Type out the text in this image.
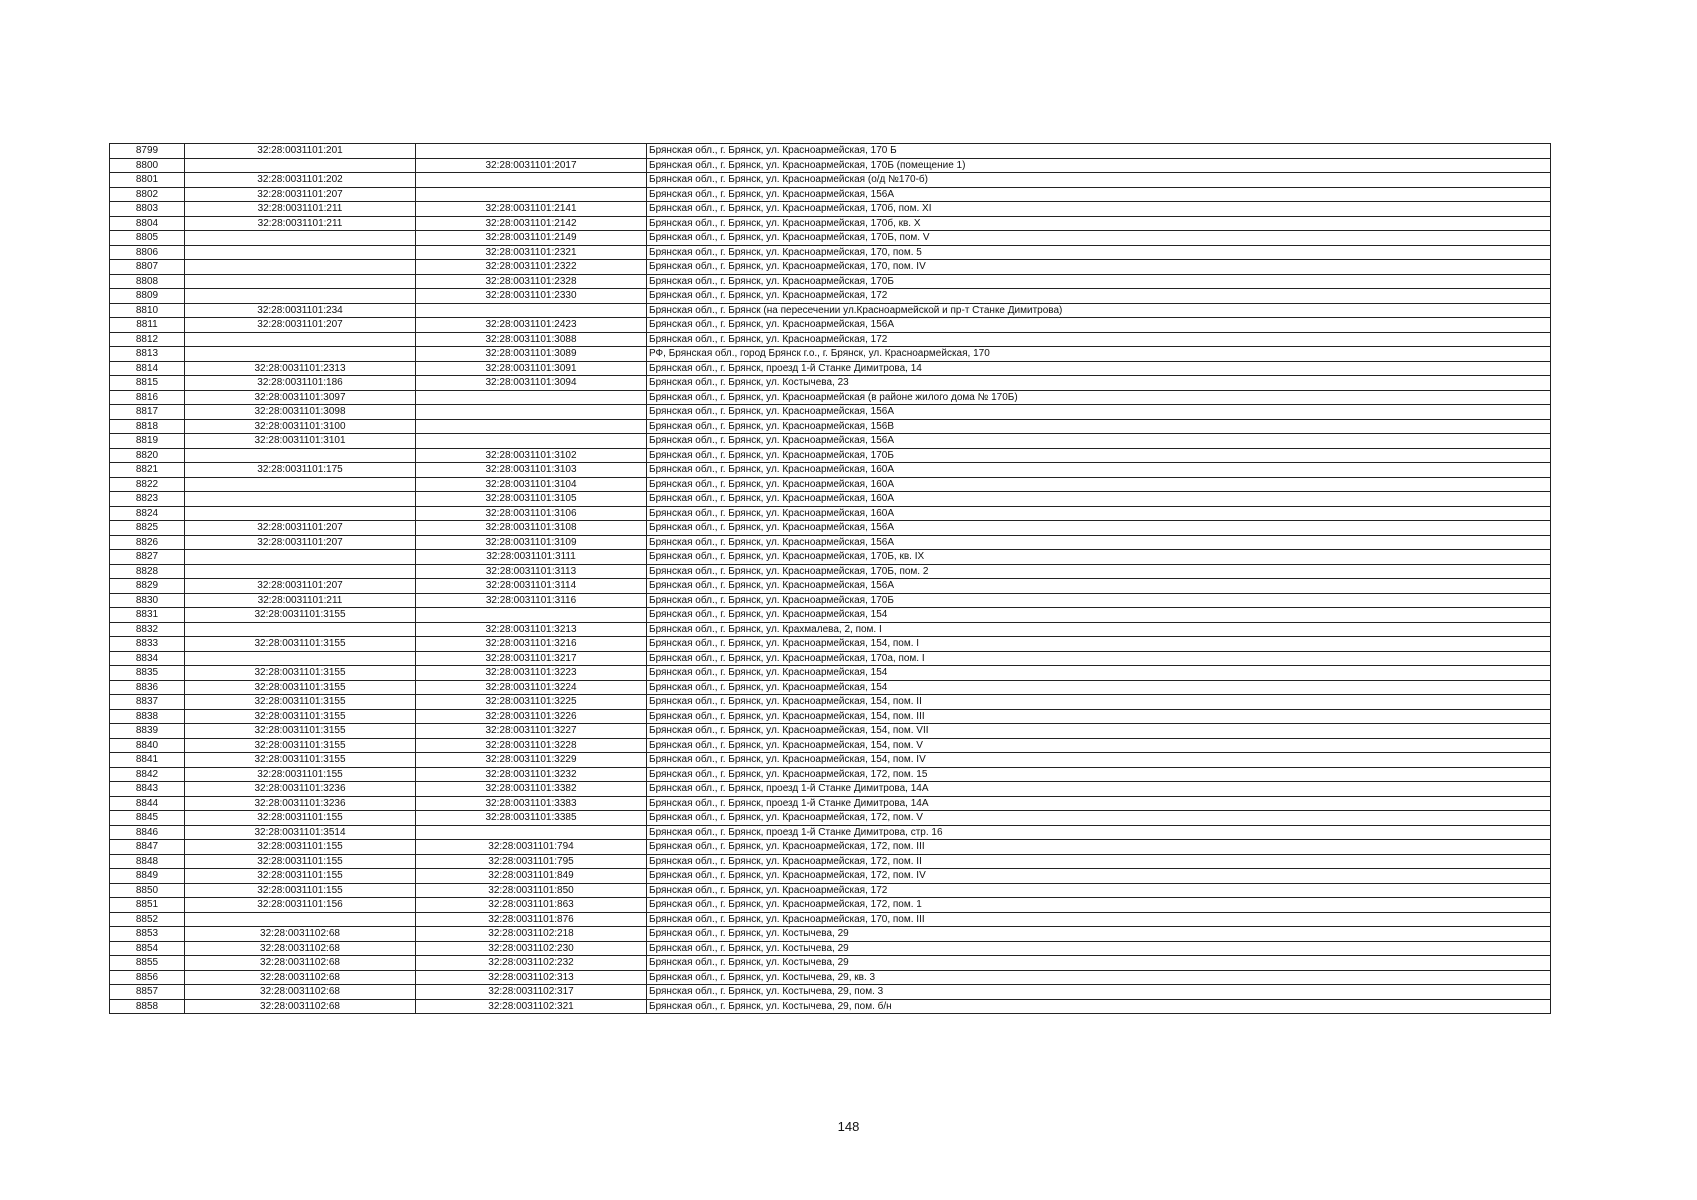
8799	32:28:0031101:201		Брянская обл., г. Брянск, ул. Красноармейская, 170 Б
8800		32:28:0031101:2017	Брянская обл., г. Брянск, ул. Красноармейская, 170Б (помещение 1)
8801	32:28:0031101:202		Брянская обл., г. Брянск, ул. Красноармейская (о/д №170-б)
8802	32:28:0031101:207		Брянская обл., г. Брянск, ул. Красноармейская, 156А
8803	32:28:0031101:211	32:28:0031101:2141	Брянская обл., г. Брянск, ул. Красноармейская, 170б, пом. XI
8804	32:28:0031101:211	32:28:0031101:2142	Брянская обл., г. Брянск, ул. Красноармейская, 170б, кв. X
8805		32:28:0031101:2149	Брянская обл., г. Брянск, ул. Красноармейская, 170Б, пом. V
8806		32:28:0031101:2321	Брянская обл., г. Брянск, ул. Красноармейская, 170, пом. 5
8807		32:28:0031101:2322	Брянская обл., г. Брянск, ул. Красноармейская, 170, пом. IV
8808		32:28:0031101:2328	Брянская обл., г. Брянск, ул. Красноармейская, 170Б
8809		32:28:0031101:2330	Брянская обл., г. Брянск, ул. Красноармейская, 172
8810	32:28:0031101:234		Брянская обл., г. Брянск (на пересечении ул.Красноармейской и пр-т Станке Димитрова)
8811	32:28:0031101:207	32:28:0031101:2423	Брянская обл., г. Брянск, ул. Красноармейская, 156А
8812		32:28:0031101:3088	Брянская обл., г. Брянск, ул. Красноармейская, 172
8813		32:28:0031101:3089	РФ, Брянская обл., город Брянск г.о., г. Брянск, ул. Красноармейская, 170
8814	32:28:0031101:2313	32:28:0031101:3091	Брянская обл., г. Брянск, проезд 1-й Станке Димитрова, 14
8815	32:28:0031101:186	32:28:0031101:3094	Брянская обл., г. Брянск, ул. Костычева, 23
8816	32:28:0031101:3097		Брянская обл., г. Брянск, ул. Красноармейская (в районе жилого дома № 170Б)
8817	32:28:0031101:3098		Брянская обл., г. Брянск, ул. Красноармейская, 156А
8818	32:28:0031101:3100		Брянская обл., г. Брянск, ул. Красноармейская, 156В
8819	32:28:0031101:3101		Брянская обл., г. Брянск, ул. Красноармейская, 156А
8820		32:28:0031101:3102	Брянская обл., г. Брянск, ул. Красноармейская, 170Б
8821	32:28:0031101:175	32:28:0031101:3103	Брянская обл., г. Брянск, ул. Красноармейская, 160А
8822		32:28:0031101:3104	Брянская обл., г. Брянск, ул. Красноармейская, 160А
8823		32:28:0031101:3105	Брянская обл., г. Брянск, ул. Красноармейская, 160А
8824		32:28:0031101:3106	Брянская обл., г. Брянск, ул. Красноармейская, 160А
8825	32:28:0031101:207	32:28:0031101:3108	Брянская обл., г. Брянск, ул. Красноармейская, 156А
8826	32:28:0031101:207	32:28:0031101:3109	Брянская обл., г. Брянск, ул. Красноармейская, 156А
8827		32:28:0031101:3111	Брянская обл., г. Брянск, ул. Красноармейская, 170Б, кв. IX
8828		32:28:0031101:3113	Брянская обл., г. Брянск, ул. Красноармейская, 170Б, пом. 2
8829	32:28:0031101:207	32:28:0031101:3114	Брянская обл., г. Брянск, ул. Красноармейская, 156А
8830	32:28:0031101:211	32:28:0031101:3116	Брянская обл., г. Брянск, ул. Красноармейская, 170Б
8831	32:28:0031101:3155		Брянская обл., г. Брянск, ул. Красноармейская, 154
8832		32:28:0031101:3213	Брянская обл., г. Брянск, ул. Крахмалева, 2, пом. I
8833	32:28:0031101:3155	32:28:0031101:3216	Брянская обл., г. Брянск, ул. Красноармейская, 154, пом. I
8834		32:28:0031101:3217	Брянская обл., г. Брянск, ул. Красноармейская, 170а, пом. I
8835	32:28:0031101:3155	32:28:0031101:3223	Брянская обл., г. Брянск, ул. Красноармейская, 154
8836	32:28:0031101:3155	32:28:0031101:3224	Брянская обл., г. Брянск, ул. Красноармейская, 154
8837	32:28:0031101:3155	32:28:0031101:3225	Брянская обл., г. Брянск, ул. Красноармейская, 154, пом. II
8838	32:28:0031101:3155	32:28:0031101:3226	Брянская обл., г. Брянск, ул. Красноармейская, 154, пом. III
8839	32:28:0031101:3155	32:28:0031101:3227	Брянская обл., г. Брянск, ул. Красноармейская, 154, пом. VII
8840	32:28:0031101:3155	32:28:0031101:3228	Брянская обл., г. Брянск, ул. Красноармейская, 154, пом. V
8841	32:28:0031101:3155	32:28:0031101:3229	Брянская обл., г. Брянск, ул. Красноармейская, 154, пом. IV
8842	32:28:0031101:155	32:28:0031101:3232	Брянская обл., г. Брянск, ул. Красноармейская, 172, пом. 15
8843	32:28:0031101:3236	32:28:0031101:3382	Брянская обл., г. Брянск, проезд 1-й Станке Димитрова, 14А
8844	32:28:0031101:3236	32:28:0031101:3383	Брянская обл., г. Брянск, проезд 1-й Станке Димитрова, 14А
8845	32:28:0031101:155	32:28:0031101:3385	Брянская обл., г. Брянск, ул. Красноармейская, 172, пом. V
8846	32:28:0031101:3514		Брянская обл., г. Брянск, проезд 1-й Станке Димитрова, стр. 16
8847	32:28:0031101:155	32:28:0031101:794	Брянская обл., г. Брянск, ул. Красноармейская, 172, пом. III
8848	32:28:0031101:155	32:28:0031101:795	Брянская обл., г. Брянск, ул. Красноармейская, 172, пом. II
8849	32:28:0031101:155	32:28:0031101:849	Брянская обл., г. Брянск, ул. Красноармейская, 172, пом. IV
8850	32:28:0031101:155	32:28:0031101:850	Брянская обл., г. Брянск, ул. Красноармейская, 172
8851	32:28:0031101:156	32:28:0031101:863	Брянская обл., г. Брянск, ул. Красноармейская, 172, пом. 1
8852		32:28:0031101:876	Брянская обл., г. Брянск, ул. Красноармейская, 170, пом. III
8853	32:28:0031102:68	32:28:0031102:218	Брянская обл., г. Брянск, ул. Костычева, 29
8854	32:28:0031102:68	32:28:0031102:230	Брянская обл., г. Брянск, ул. Костычева, 29
8855	32:28:0031102:68	32:28:0031102:232	Брянская обл., г. Брянск, ул. Костычева, 29
8856	32:28:0031102:68	32:28:0031102:313	Брянская обл., г. Брянск, ул. Костычева, 29, кв. 3
8857	32:28:0031102:68	32:28:0031102:317	Брянская обл., г. Брянск, ул. Костычева, 29, пом. 3
8858	32:28:0031102:68	32:28:0031102:321	Брянская обл., г. Брянск, ул. Костычева, 29, пом. б/н
148
